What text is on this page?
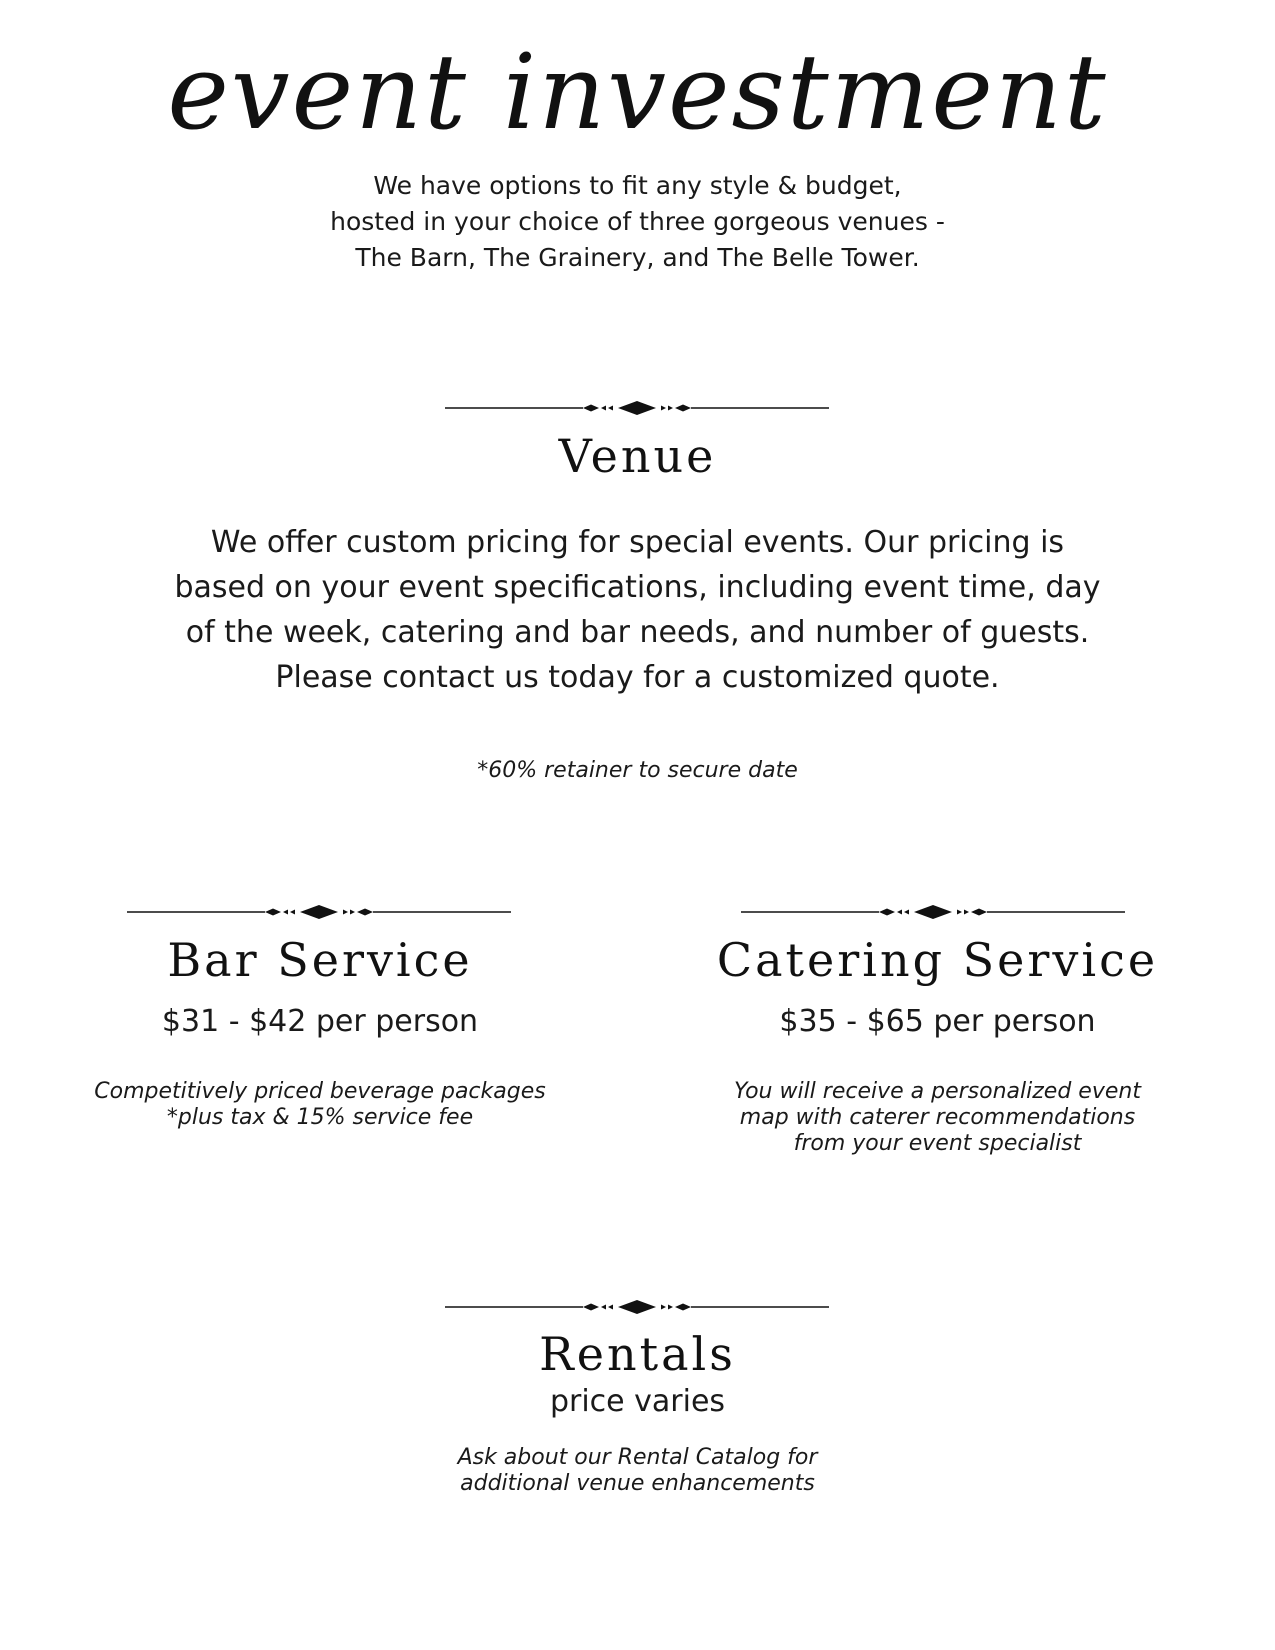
event investment
We have options to fit any style & budget,
hosted in your choice of three gorgeous venues -
The Barn, The Grainery, and The Belle Tower.
Venue
We offer custom pricing for special events. Our pricing is
based on your event specifications, including event time, day
of the week, catering and bar needs, and number of guests.
Please contact us today for a customized quote.
*60% retainer to secure date
Bar Service
$31 - $42 per person
Competitively priced beverage packages
*plus tax & 15% service fee
Catering Service
$35 - $65 per person
You will receive a personalized event
map with caterer recommendations
from your event specialist
Rentals
price varies
Ask about our Rental Catalog for
additional venue enhancements
